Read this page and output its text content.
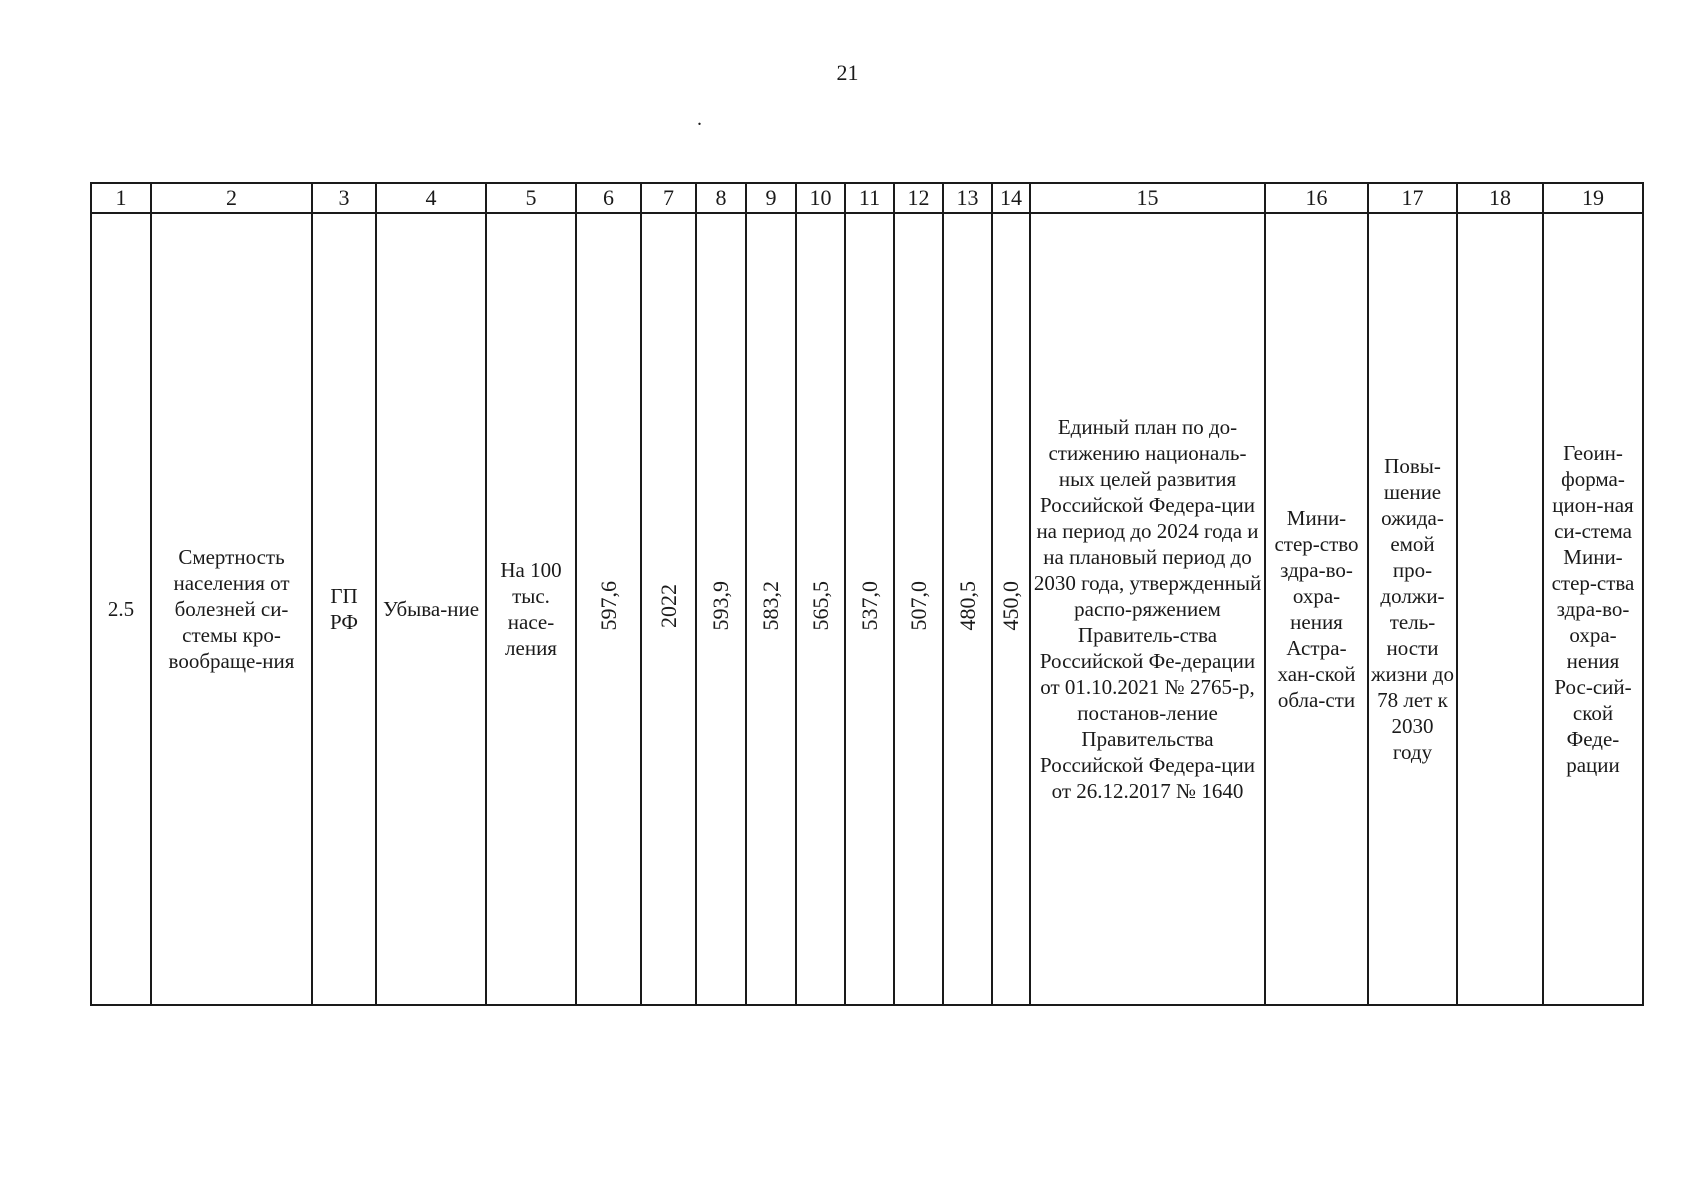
21
.
1	2	3	4	5	6	7	8	9	10	11	12	13	14	15	16	17	18	19
2.5	Смертность населения от болезней си-стемы кро-вообраще-ния	ГП РФ	Убыва-ние	На 100 тыс. насе-ления	597,6	2022	593,9	583,2	565,5	537,0	507,0	480,5	450,0	Единый план по до-стижению националь-ных целей развития Российской Федера-ции на период до 2024 года и на плановый период до 2030 года, утвержденный распо-ряжением Правитель-ства Российской Фе-дерации от 01.10.2021 № 2765-р, постанов-ление Правительства Российской Федера-ции от 26.12.2017 № 1640	Мини-стер-ство здра-во-охра-нения Астра-хан-ской обла-сти	Повы-шение ожида-емой про-должи-тель-ности жизни до 78 лет к 2030 году		Геоин-форма-цион-ная си-стема Мини-стер-ства здра-во-охра-нения Рос-сий-ской Феде-рации
